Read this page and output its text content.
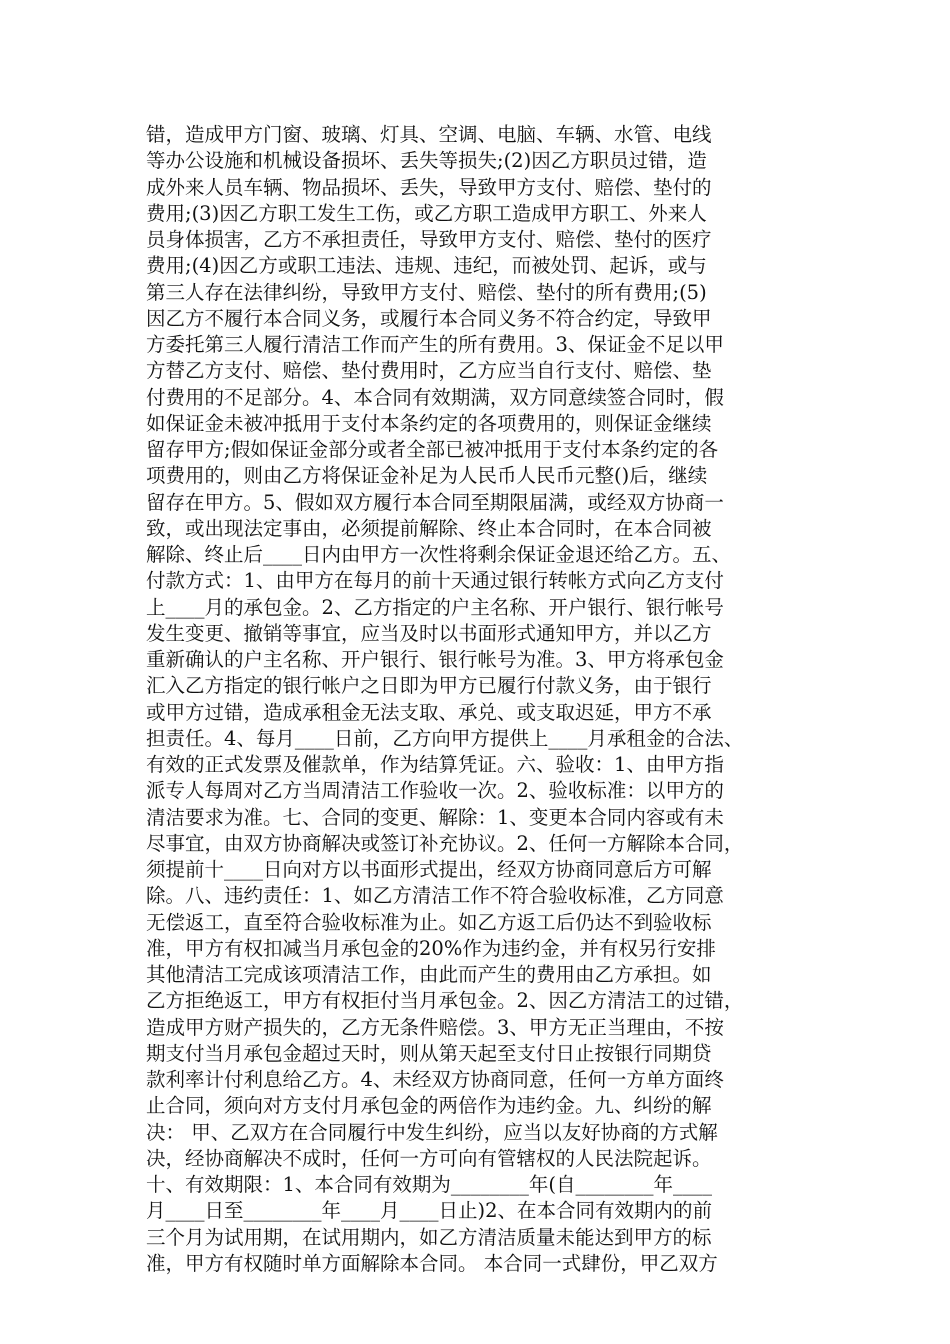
错，造成甲方门窗、玻璃、灯具、空调、电脑、车辆、水管、电线
等办公设施和机械设备损坏、丢失等损失;(2)因乙方职员过错，造
成外来人员车辆、物品损坏、丢失，导致甲方支付、赔偿、垫付的
费用;(3)因乙方职工发生工伤，或乙方职工造成甲方职工、外来人
员身体损害，乙方不承担责任，导致甲方支付、赔偿、垫付的医疗
费用;(4)因乙方或职工违法、违规、违纪，而被处罚、起诉，或与
第三人存在法律纠纷，导致甲方支付、赔偿、垫付的所有费用;(5)
因乙方不履行本合同义务，或履行本合同义务不符合约定，导致甲
方委托第三人履行清洁工作而产生的所有费用。3、保证金不足以甲
方替乙方支付、赔偿、垫付费用时，乙方应当自行支付、赔偿、垫
付费用的不足部分。4、本合同有效期满，双方同意续签合同时，假
如保证金未被冲抵用于支付本条约定的各项费用的，则保证金继续
留存甲方;假如保证金部分或者全部已被冲抵用于支付本条约定的各
项费用的，则由乙方将保证金补足为人民币人民币元整()后，继续
留存在甲方。5、假如双方履行本合同至期限届满，或经双方协商一
致，或出现法定事由，必须提前解除、终止本合同时，在本合同被
解除、终止后____日内由甲方一次性将剩余保证金退还给乙方。五、
付款方式：1、由甲方在每月的前十天通过银行转帐方式向乙方支付
上____月的承包金。2、乙方指定的户主名称、开户银行、银行帐号
发生变更、撤销等事宜，应当及时以书面形式通知甲方，并以乙方
重新确认的户主名称、开户银行、银行帐号为准。3、甲方将承包金
汇入乙方指定的银行帐户之日即为甲方已履行付款义务，由于银行
或甲方过错，造成承租金无法支取、承兑、或支取迟延，甲方不承
担责任。4、每月____日前，乙方向甲方提供上____月承租金的合法、
有效的正式发票及催款单，作为结算凭证。六、验收：1、由甲方指
派专人每周对乙方当周清洁工作验收一次。2、验收标准：以甲方的
清洁要求为准。七、合同的变更、解除：1、变更本合同内容或有未
尽事宜，由双方协商解决或签订补充协议。2、任何一方解除本合同，
须提前十____日向对方以书面形式提出，经双方协商同意后方可解
除。八、违约责任：1、如乙方清洁工作不符合验收标准，乙方同意
无偿返工，直至符合验收标准为止。如乙方返工后仍达不到验收标
准，甲方有权扣减当月承包金的20%作为违约金，并有权另行安排
其他清洁工完成该项清洁工作，由此而产生的费用由乙方承担。如
乙方拒绝返工，甲方有权拒付当月承包金。2、因乙方清洁工的过错，
造成甲方财产损失的，乙方无条件赔偿。3、甲方无正当理由，不按
期支付当月承包金超过天时，则从第天起至支付日止按银行同期贷
款利率计付利息给乙方。4、未经双方协商同意，任何一方单方面终
止合同，须向对方支付月承包金的两倍作为违约金。九、纠纷的解
决： 甲、乙双方在合同履行中发生纠纷，应当以友好协商的方式解
决，经协商解决不成时，任何一方可向有管辖权的人民法院起诉。
十、有效期限：1、本合同有效期为________年(自________年____
月____日至________年____月____日止)2、在本合同有效期内的前
三个月为试用期，在试用期内，如乙方清洁质量未能达到甲方的标
准，甲方有权随时单方面解除本合同。 本合同一式肆份，甲乙双方
